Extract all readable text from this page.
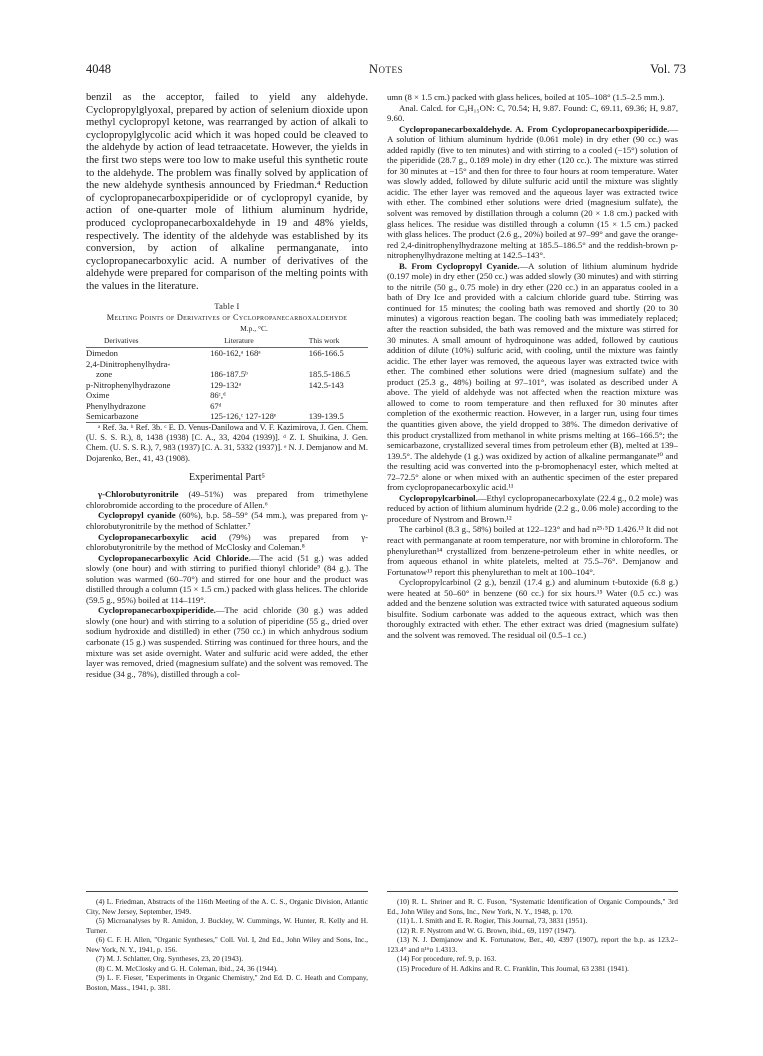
4048	Notes	Vol. 73

benzil as the acceptor, failed to yield any aldehyde. Cyclopropylglyoxal, prepared by action of selenium dioxide upon methyl cyclopropyl ketone, was rearranged by action of alkali to cyclopropylglycolic acid which it was hoped could be cleaved to the aldehyde by action of lead tetraacetate. However, the yields in the first two steps were too low to make useful this synthetic route to the aldehyde. The problem was finally solved by application of the new aldehyde synthesis announced by Friedman.⁴ Reduction of cyclopropanecarboxpiperidide or of cyclopropyl cyanide, by action of one-quarter mole of lithium aluminum hydride, produced cyclopropanecarboxaldehyde in 19 and 48% yields, respectively. The identity of the aldehyde was established by its conversion, by action of alkaline permanganate, into cyclopropanecarboxylic acid. A number of derivatives of the aldehyde were prepared for comparison of the melting points with the values in the literature.

Table I
Melting Points of Derivatives of Cyclopropanecarboxaldehyde
	M.p., °C.	
Derivatives	Literature	This work
Dimedon	160-162,ᵃ 168ᵃ	166-166.5
2,4-Dinitrophenylhydra-		
zone	186-187.5ᵇ	185.5-186.5
p-Nitrophenylhydrazone	129-132ᵃ	142.5-143
Oxime	86ᶜ,ᵈ	
Phenylhydrazone	67ᵈ	
Semicarbazone	125-126,ᶜ 127-128ᵉ	139-139.5

ᵃ Ref. 3a. ᵇ Ref. 3b. ᶜ E. D. Venus-Danilowa and V. F. Kazimirova, J. Gen. Chem. (U. S. S. R.), 8, 1438 (1938) [C. A., 33, 4204 (1939)]. ᵈ Z. I. Shuikina, J. Gen. Chem. (U. S. S. R.), 7, 983 (1937) [C. A. 31, 5332 (1937)]. ᵉ N. J. Demjanow and M. Dojarenko, Ber., 41, 43 (1908).

Experimental Part⁵

γ-Chlorobutyronitrile (49–51%) was prepared from trimethylene chlorobromide according to the procedure of Allen.⁶

Cyclopropyl cyanide (60%), b.p. 58–59° (54 mm.), was prepared from γ-chlorobutyronitrile by the method of Schlatter.⁷

Cyclopropanecarboxylic acid (79%) was prepared from γ-chlorobutyronitrile by the method of McClosky and Coleman.⁸

Cyclopropanecarboxylic Acid Chloride.—The acid (51 g.) was added slowly (one hour) and with stirring to purified thionyl chloride⁹ (84 g.). The solution was warmed (60–70°) and stirred for one hour and the product was distilled through a column (15 × 1.5 cm.) packed with glass helices. The chloride (59.5 g., 95%) boiled at 114–119°.

Cyclopropanecarboxpiperidide.—The acid chloride (30 g.) was added slowly (one hour) and with stirring to a solution of piperidine (55 g., dried over sodium hydroxide and distilled) in ether (750 cc.) in which anhydrous sodium carbonate (15 g.) was suspended. Stirring was continued for three hours, and the mixture was set aside overnight. Water and sulfuric acid were added, the ether layer was removed, dried (magnesium sulfate) and the solvent was removed. The residue (34 g., 78%), distilled through a col-

umn (8 × 1.5 cm.) packed with glass helices, boiled at 105–108° (1.5–2.5 mm.).

Anal. Calcd. for C₉H₁₅ON: C, 70.54; H, 9.87. Found: C, 69.11, 69.36; H, 9.87, 9.60.

Cyclopropanecarboxaldehyde. A. From Cyclopropanecarboxpiperidide.—A solution of lithium aluminum hydride (0.061 mole) in dry ether (90 cc.) was added rapidly (five to ten minutes) and with stirring to a cooled (−15°) solution of the piperidide (28.7 g., 0.189 mole) in dry ether (120 cc.). The mixture was stirred for 30 minutes at −15° and then for three to four hours at room temperature. Water was slowly added, followed by dilute sulfuric acid until the mixture was slightly acidic. The ether layer was removed and the aqueous layer was extracted twice with ether. The combined ether solutions were dried (magnesium sulfate), the solvent was removed by distillation through a column (20 × 1.8 cm.) packed with glass helices. The residue was distilled through a column (15 × 1.5 cm.) packed with glass helices. The product (2.6 g., 20%) boiled at 97–99° and gave the orange-red 2,4-dinitrophenylhydrazone melting at 185.5–186.5° and the reddish-brown p-nitrophenylhydrazone melting at 142.5–143°.

B. From Cyclopropyl Cyanide.—A solution of lithium aluminum hydride (0.197 mole) in dry ether (250 cc.) was added slowly (30 minutes) and with stirring to the nitrile (50 g., 0.75 mole) in dry ether (220 cc.) in an apparatus cooled in a bath of Dry Ice and provided with a calcium chloride guard tube. Stirring was continued for 15 minutes; the cooling bath was removed and shortly (20 to 30 minutes) a vigorous reaction began. The cooling bath was immediately replaced; after the reaction subsided, the bath was removed and the mixture was stirred for 30 minutes. A small amount of hydroquinone was added, followed by cautious addition of dilute (10%) sulfuric acid, with cooling, until the mixture was faintly acidic. The ether layer was removed, the aqueous layer was extracted twice with ether. The combined ether solutions were dried (magnesium sulfate) and the product (25.3 g., 48%) boiling at 97–101°, was isolated as described under A above. The yield of aldehyde was not affected when the reaction mixture was allowed to come to room temperature and then refluxed for 30 minutes after completion of the exothermic reaction. However, in a larger run, using four times the quantities given above, the yield dropped to 38%. The dimedon derivative of this product crystallized from methanol in white prisms melting at 166–166.5°; the semicarbazone, crystallized several times from petroleum ether (B), melted at 139–139.5°. The aldehyde (1 g.) was oxidized by action of alkaline permanganate¹⁰ and the resulting acid was converted into the p-bromophenacyl ester, which melted at 72–72.5° alone or when mixed with an authentic specimen of the ester prepared from cyclopropanecarboxylic acid.¹¹

Cyclopropylcarbinol.—Ethyl cyclopropanecarboxylate (22.4 g., 0.2 mole) was reduced by action of lithium aluminum hydride (2.2 g., 0.06 mole) according to the procedure of Nystrom and Brown.¹²

The carbinol (8.3 g., 58%) boiled at 122–123° and had n²⁵·⁵D 1.426.¹³ It did not react with permanganate at room temperature, nor with bromine in chloroform. The phenylurethan¹⁴ crystallized from benzene-petroleum ether in white needles, or from aqueous ethanol in white platelets, melted at 75.5–76°. Demjanow and Fortunatow¹³ report this phenylurethan to melt at 100–104°.

Cyclopropylcarbinol (2 g.), benzil (17.4 g.) and aluminum t-butoxide (6.8 g.) were heated at 50–60° in benzene (60 cc.) for six hours.¹⁵ Water (0.5 cc.) was added and the benzene solution was extracted twice with saturated aqueous sodium bisulfite. Sodium carbonate was added to the aqueous extract, which was then thoroughly extracted with ether. The ether extract was dried (magnesium sulfate) and the solvent was removed. The residual oil (0.5–1 cc.)

(4) L. Friedman, Abstracts of the 116th Meeting of the A. C. S., Organic Division, Atlantic City, New Jersey, September, 1949.
(5) Microanalyses by R. Amidon, J. Buckley, W. Cummings, W. Hunter, R. Kelly and H. Turner.
(6) C. F. H. Allen, "Organic Syntheses," Coll. Vol. I, 2nd Ed., John Wiley and Sons, Inc., New York, N. Y., 1941, p. 156.
(7) M. J. Schlatter, Org. Syntheses, 23, 20 (1943).
(8) C. M. McClosky and G. H. Coleman, ibid., 24, 36 (1944).
(9) L. F. Fieser, "Experiments in Organic Chemistry," 2nd Ed. D. C. Heath and Company, Boston, Mass., 1941, p. 381.
(10) R. L. Shriner and R. C. Fuson, "Systematic Identification of Organic Compounds," 3rd Ed., John Wiley and Sons, Inc., New York, N. Y., 1948, p. 170.
(11) L. I. Smith and E. R. Rogier, This Journal, 73, 3831 (1951).
(12) R. F. Nystrom and W. G. Brown, ibid., 69, 1197 (1947).
(13) N. J. Demjanow and K. Fortunatow, Ber., 40, 4397 (1907), report the b.p. as 123.2–123.4° and n¹⁶ᴅ 1.4313.
(14) For procedure, ref. 9, p. 163.
(15) Procedure of H. Adkins and R. C. Franklin, This Journal, 63 2381 (1941).
